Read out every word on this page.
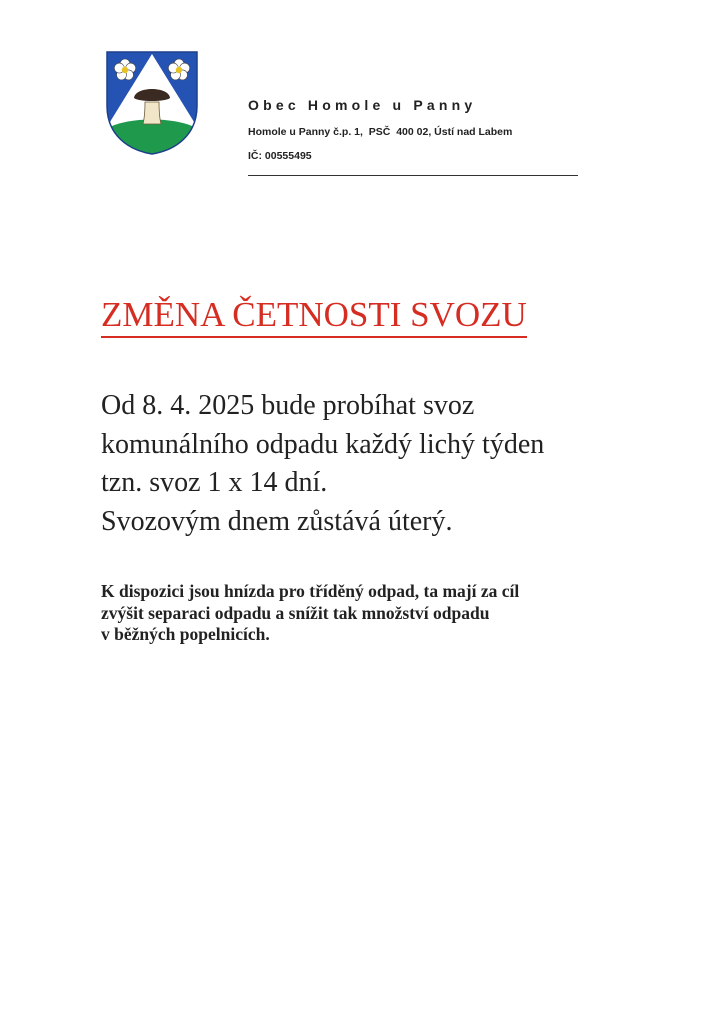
Obec Homole u Panny
Homole u Panny č.p. 1,  PSČ  400 02, Ústí nad Labem
IČ: 00555495
ZMĚNA ČETNOSTI SVOZU
Od 8. 4. 2025 bude probíhat svoz
komunálního odpadu každý lichý týden
tzn. svoz 1 x 14 dní.
Svozovým dnem zůstává úterý.
K dispozici jsou hnízda pro tříděný odpad, ta mají za cíl
zvýšit separaci odpadu a snížit tak množství odpadu
v běžných popelnicích.
